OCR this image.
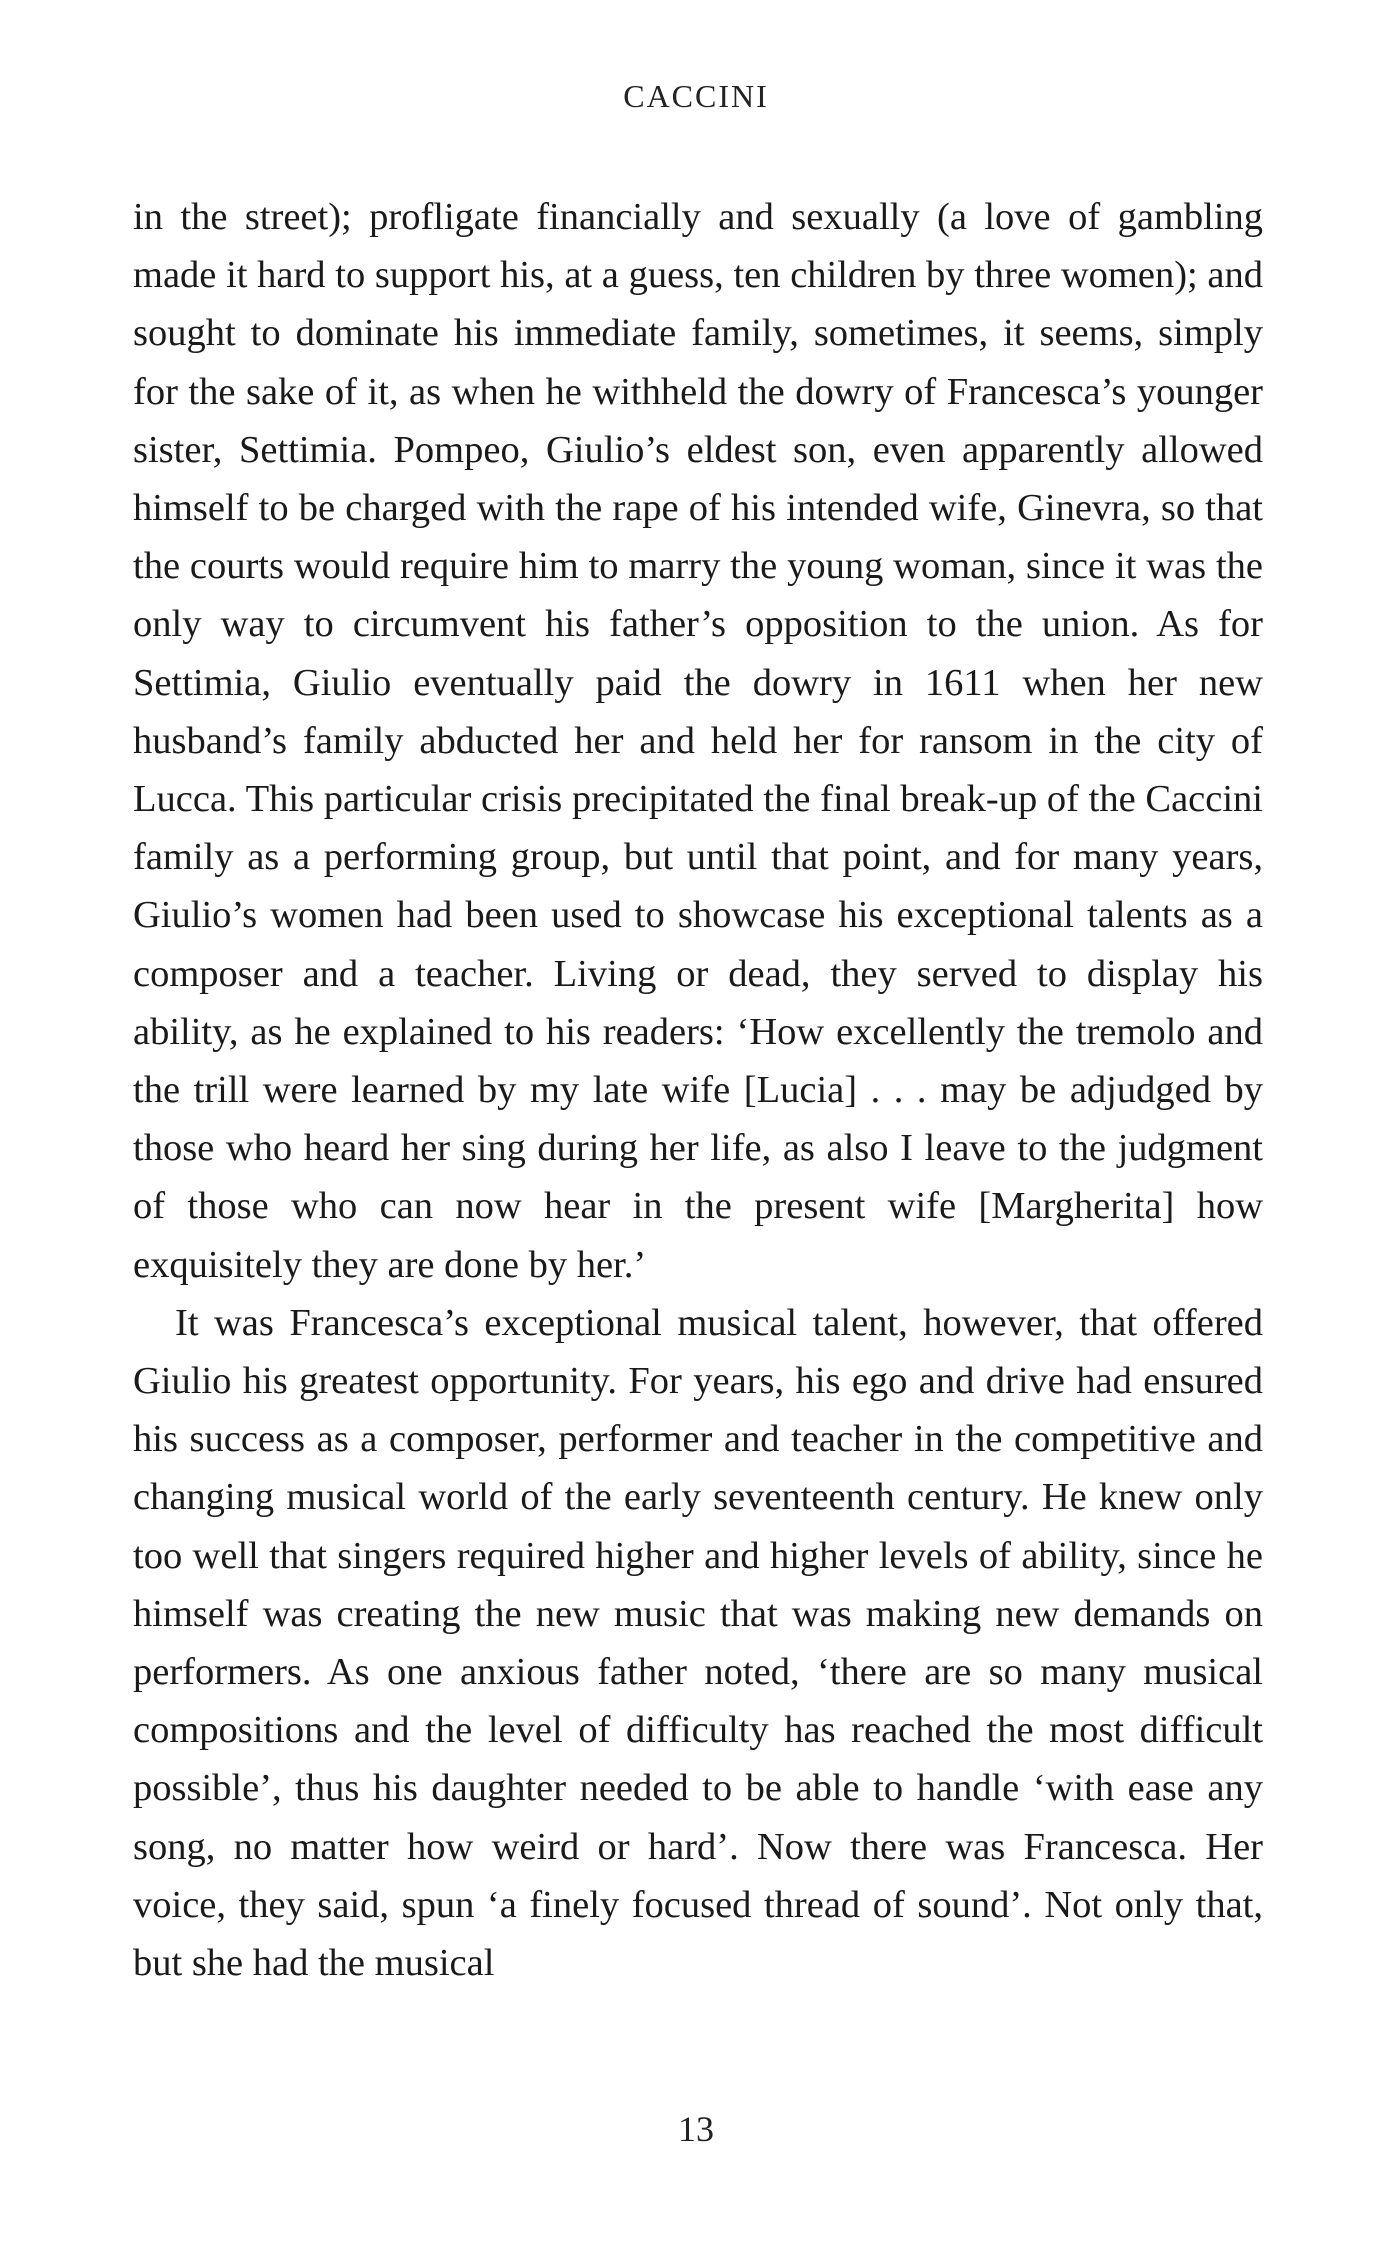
CACCINI

in the street); profligate financially and sexually (a love of gambling made it hard to support his, at a guess, ten children by three women); and sought to dominate his immediate family, sometimes, it seems, simply for the sake of it, as when he withheld the dowry of Francesca’s younger sister, Settimia. Pompeo, Giulio’s eldest son, even apparently allowed himself to be charged with the rape of his intended wife, Ginevra, so that the courts would require him to marry the young woman, since it was the only way to circumvent his father’s opposition to the union. As for Settimia, Giulio eventually paid the dowry in 1611 when her new husband’s family abducted her and held her for ransom in the city of Lucca. This particular crisis precipitated the final break-up of the Caccini family as a performing group, but until that point, and for many years, Giulio’s women had been used to showcase his exceptional talents as a composer and a teacher. Living or dead, they served to display his ability, as he explained to his readers: ‘How excellently the tremolo and the trill were learned by my late wife [Lucia] . . . may be adjudged by those who heard her sing during her life, as also I leave to the judgment of those who can now hear in the present wife [Margherita] how exquisitely they are done by her.’

It was Francesca’s exceptional musical talent, however, that offered Giulio his greatest opportunity. For years, his ego and drive had ensured his success as a composer, performer and teacher in the competitive and changing musical world of the early seventeenth century. He knew only too well that singers required higher and higher levels of ability, since he himself was creating the new music that was making new demands on performers. As one anxious father noted, ‘there are so many musical compositions and the level of difficulty has reached the most difficult possible’, thus his daughter needed to be able to handle ‘with ease any song, no matter how weird or hard’. Now there was Francesca. Her voice, they said, spun ‘a finely focused thread of sound’. Not only that, but she had the musical

13
